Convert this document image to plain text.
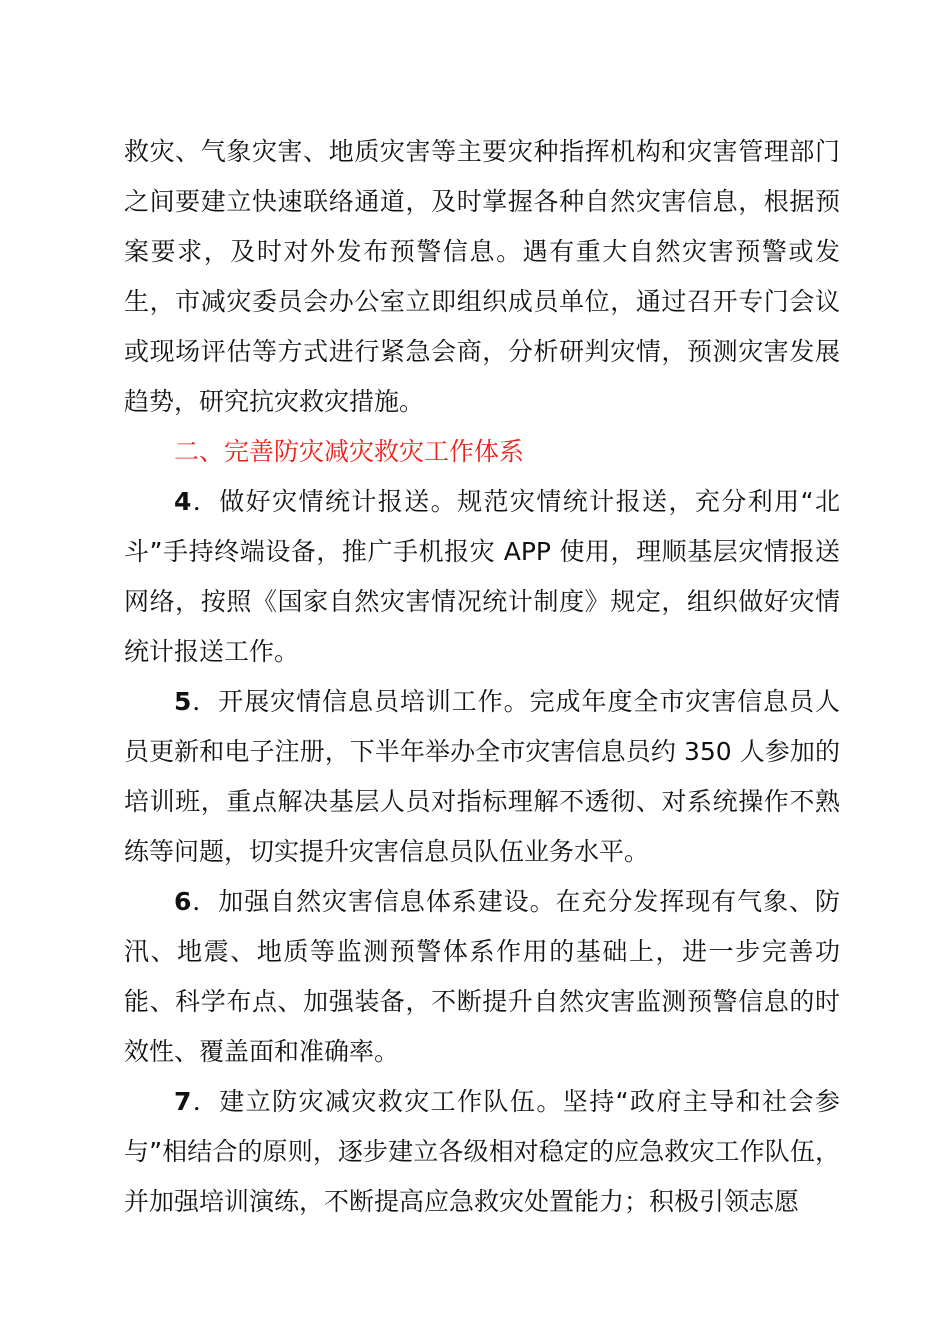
救灾、气象灾害、地质灾害等主要灾种指挥机构和灾害管理部门之间要建立快速联络通道，及时掌握各种自然灾害信息，根据预案要求，及时对外发布预警信息。遇有重大自然灾害预警或发生，市减灾委员会办公室立即组织成员单位，通过召开专门会议或现场评估等方式进行紧急会商，分析研判灾情，预测灾害发展趋势，研究抗灾救灾措施。

二、完善防灾减灾救灾工作体系

4．做好灾情统计报送。规范灾情统计报送，充分利用“北斗”手持终端设备，推广手机报灾 APP 使用，理顺基层灾情报送网络，按照《国家自然灾害情况统计制度》规定，组织做好灾情统计报送工作。

5．开展灾情信息员培训工作。完成年度全市灾害信息员人员更新和电子注册，下半年举办全市灾害信息员约 350 人参加的培训班，重点解决基层人员对指标理解不透彻、对系统操作不熟练等问题，切实提升灾害信息员队伍业务水平。

6．加强自然灾害信息体系建设。在充分发挥现有气象、防汛、地震、地质等监测预警体系作用的基础上，进一步完善功能、科学布点、加强装备，不断提升自然灾害监测预警信息的时效性、覆盖面和准确率。

7．建立防灾减灾救灾工作队伍。坚持“政府主导和社会参与”相结合的原则，逐步建立各级相对稳定的应急救灾工作队伍，并加强培训演练，不断提高应急救灾处置能力；积极引领志愿
